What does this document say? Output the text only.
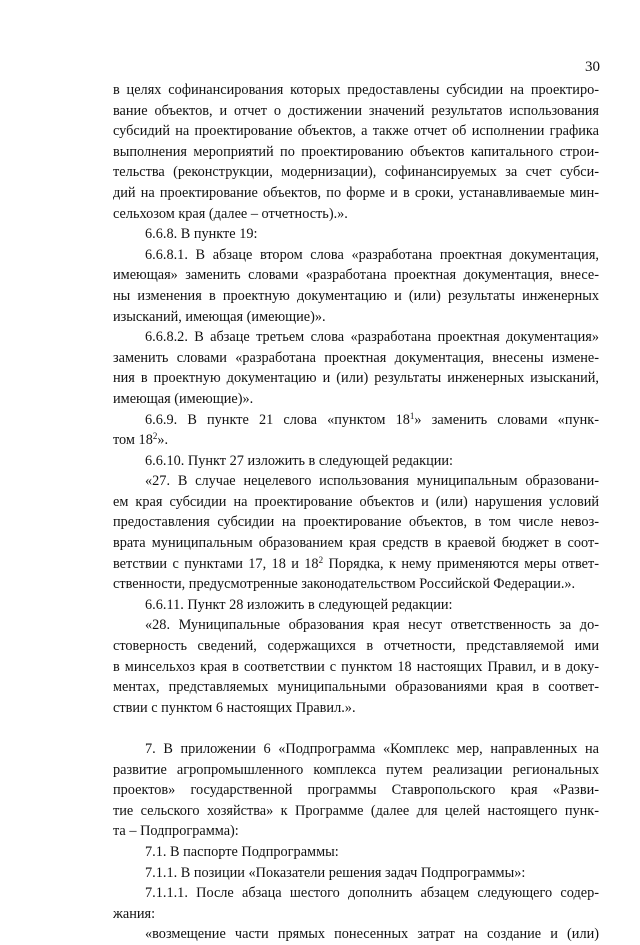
30
в целях софинансирования которых предоставлены субсидии на проектиро-
вание объектов, и отчет о достижении значений результатов использования
субсидий на проектирование объектов, а также отчет об исполнении графика
выполнения мероприятий по проектированию объектов капитального строи-
тельства (реконструкции, модернизации), софинансируемых за счет субси-
дий на проектирование объектов, по форме и в сроки, устанавливаемые мин-
сельхозом края (далее – отчетность).».
6.6.8. В пункте 19:
6.6.8.1. В абзаце втором слова «разработана проектная документация,
имеющая» заменить словами «разработана проектная документация, внесе-
ны изменения в проектную документацию и (или) результаты инженерных
изысканий, имеющая (имеющие)».
6.6.8.2. В абзаце третьем слова «разработана проектная документация»
заменить словами «разработана проектная документация, внесены измене-
ния в проектную документацию и (или) результаты инженерных изысканий,
имеющая (имеющие)».
6.6.9. В пункте 21 слова «пунктом $18^1$» заменить словами «пунк-
том $18^2$».
6.6.10. Пункт 27 изложить в следующей редакции:
«27. В случае нецелевого использования муниципальным образовани-
ем края субсидии на проектирование объектов и (или) нарушения условий
предоставления субсидии на проектирование объектов, в том числе невоз-
врата муниципальным образованием края средств в краевой бюджет в соот-
ветствии с пунктами 17, 18 и $18^2$ Порядка, к нему применяются меры ответ-
ственности, предусмотренные законодательством Российской Федерации.».
6.6.11. Пункт 28 изложить в следующей редакции:
«28. Муниципальные образования края несут ответственность за до-
стоверность сведений, содержащихся в отчетности, представляемой ими
в минсельхоз края в соответствии с пунктом 18 настоящих Правил, и в доку-
ментах, представляемых муниципальными образованиями края в соответ-
ствии с пунктом 6 настоящих Правил.».
7. В приложении 6 «Подпрограмма «Комплекс мер, направленных на
развитие агропромышленного комплекса путем реализации региональных
проектов» государственной программы Ставропольского края «Разви-
тие сельского хозяйства» к Программе (далее для целей настоящего пунк-
та – Подпрограмма):
7.1. В паспорте Подпрограммы:
7.1.1. В позиции «Показатели решения задач Подпрограммы»:
7.1.1.1. После абзаца шестого дополнить абзацем следующего содер-
жания:
«возмещение части прямых понесенных затрат на создание и (или)
